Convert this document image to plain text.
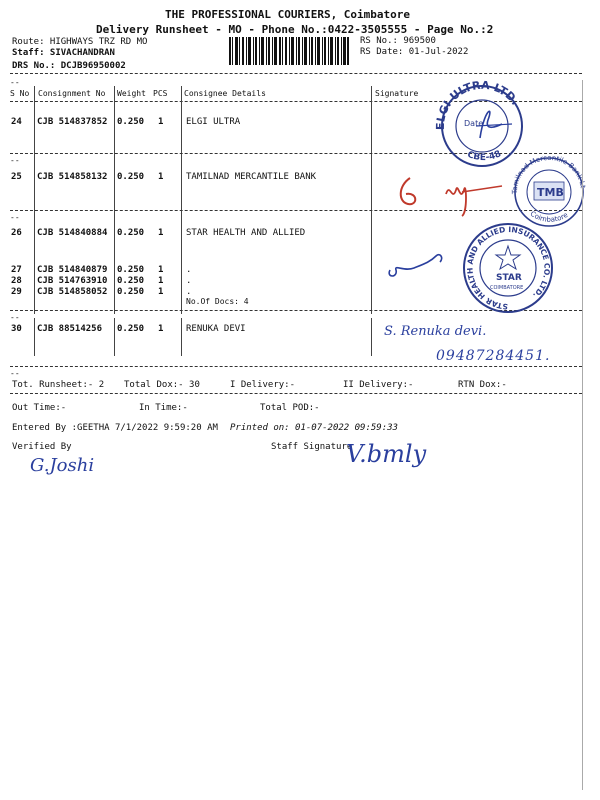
THE PROFESSIONAL COURIERS, Coimbatore
Delivery Runsheet - MO - Phone No.:0422-3505555 - Page No.:2
Route: HIGHWAYS TRZ RD MO
Staff: SIVACHANDRAN
DRS No.: DCJB96950002
RS No.: 969500
RS Date: 01-Jul-2022
--
S No Consignment No Weight PCS Consignee Details	Signature
24 CJB 514837852 0.250 1	ELGI ULTRA
--
25 CJB 514858132 0.250 1	TAMILNAD MERCANTILE BANK
--
26 CJB 514840884 0.250 1	STAR HEALTH AND ALLIED
27 CJB 514840879 0.250 1	.
28 CJB 514763910 0.250 1	.
29 CJB 514858052 0.250 1	.
No.Of Docs: 4
--
30 CJB 88514256 0.250 1	RENUKA DEVI
--
Tot. Runsheet:- 2 Total Dox:- 30	I Delivery:-	II Delivery:-	RTN Dox:-
Out Time:-	In Time:-	Total POD:-
Entered By :GEETHA 7/1/2022 9:59:20 AM Printed on: 01-07-2022 09:59:33
Verified By	Staff Signature
ELGI ULTRA LTD.
CBE-48
Date
Tamilnad Mercantile Bank Lt
Coimbatore
TMB
STAR HEALTH AND ALLIED INSURANCE CO. LTD.
STAR
COIMBATORE
S. Renuka devi.
09487284451.
G.Joshi	V.bmly
